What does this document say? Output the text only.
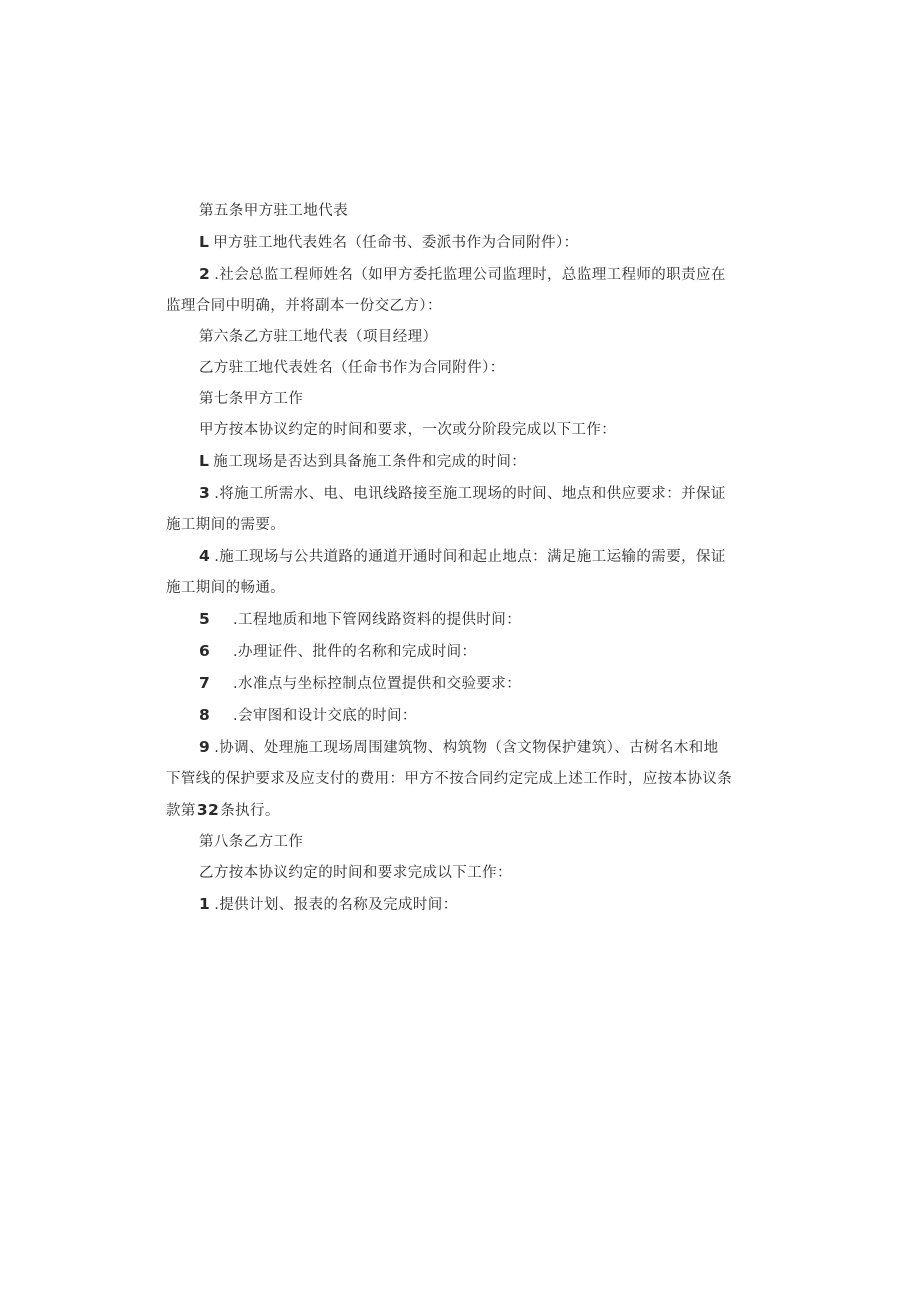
第五条甲方驻工地代表
L 甲方驻工地代表姓名（任命书、委派书作为合同附件）：
2 .社会总监工程师姓名（如甲方委托监理公司监理时，总监理工程师的职责应在
监理合同中明确，并将副本一份交乙方）：
第六条乙方驻工地代表（项目经理）
乙方驻工地代表姓名（任命书作为合同附件）：
第七条甲方工作
甲方按本协议约定的时间和要求，一次或分阶段完成以下工作：
L 施工现场是否达到具备施工条件和完成的时间：
3 .将施工所需水、电、电讯线路接至施工现场的时间、地点和供应要求：并保证
施工期间的需要。
4 .施工现场与公共道路的通道开通时间和起止地点：满足施工运输的需要，保证
施工期间的畅通。
5 .工程地质和地下管网线路资料的提供时间：
6 .办理证件、批件的名称和完成时间：
7 .水准点与坐标控制点位置提供和交验要求：
8 .会审图和设计交底的时间：
9 .协调、处理施工现场周围建筑物、构筑物（含文物保护建筑）、古树名木和地
下管线的保护要求及应支付的费用：甲方不按合同约定完成上述工作时，应按本协议条
款第32条执行。
第八条乙方工作
乙方按本协议约定的时间和要求完成以下工作：
1 .提供计划、报表的名称及完成时间：
